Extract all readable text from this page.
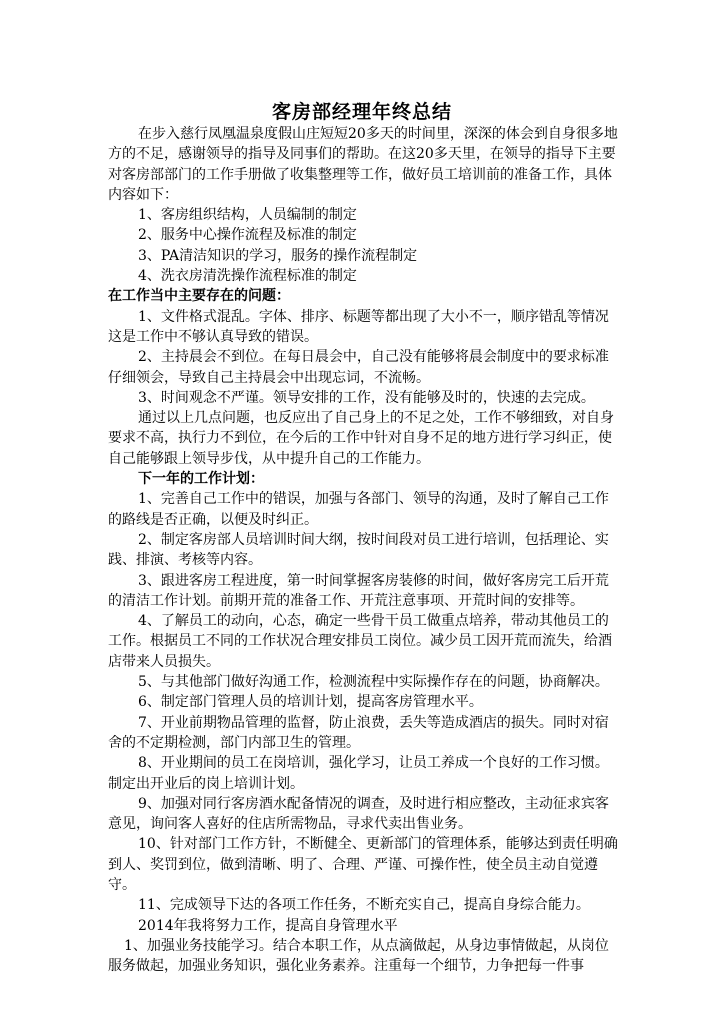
客房部经理年终总结

在步入慈行凤凰温泉度假山庄短短20多天的时间里，深深的体会到自身很多地方的不足，感谢领导的指导及同事们的帮助。在这20多天里，在领导的指导下主要对客房部部门的工作手册做了收集整理等工作，做好员工培训前的准备工作，具体内容如下：

1、客房组织结构，人员编制的制定

2、服务中心操作流程及标准的制定

3、PA清洁知识的学习，服务的操作流程制定

4、洗衣房清洗操作流程标准的制定

在工作当中主要存在的问题：

1、文件格式混乱。字体、排序、标题等都出现了大小不一，顺序错乱等情况这是工作中不够认真导致的错误。

2、主持晨会不到位。在每日晨会中，自己没有能够将晨会制度中的要求标准仔细领会，导致自己主持晨会中出现忘词，不流畅。

3、时间观念不严谨。领导安排的工作，没有能够及时的，快速的去完成。

通过以上几点问题，也反应出了自己身上的不足之处，工作不够细致，对自身要求不高，执行力不到位，在今后的工作中针对自身不足的地方进行学习纠正，使自己能够跟上领导步伐，从中提升自己的工作能力。

下一年的工作计划：

1、完善自己工作中的错误，加强与各部门、领导的沟通，及时了解自己工作的路线是否正确，以便及时纠正。

2、制定客房部人员培训时间大纲，按时间段对员工进行培训，包括理论、实践、排演、考核等内容。

3、跟进客房工程进度，第一时间掌握客房装修的时间，做好客房完工后开荒的清洁工作计划。前期开荒的准备工作、开荒注意事项、开荒时间的安排等。

4、了解员工的动向，心态，确定一些骨干员工做重点培养，带动其他员工的工作。根据员工不同的工作状况合理安排员工岗位。减少员工因开荒而流失，给酒店带来人员损失。

5、与其他部门做好沟通工作，检测流程中实际操作存在的问题，协商解决。

6、制定部门管理人员的培训计划，提高客房管理水平。

7、开业前期物品管理的监督，防止浪费，丢失等造成酒店的损失。同时对宿舍的不定期检测，部门内部卫生的管理。

8、开业期间的员工在岗培训，强化学习，让员工养成一个良好的工作习惯。制定出开业后的岗上培训计划。

9、加强对同行客房酒水配备情况的调查，及时进行相应整改，主动征求宾客意见，询问客人喜好的住店所需物品，寻求代卖出售业务。

10、针对部门工作方针，不断健全、更新部门的管理体系，能够达到责任明确到人、奖罚到位，做到清晰、明了、合理、严谨、可操作性，使全员主动自觉遵守。

11、完成领导下达的各项工作任务，不断充实自己，提高自身综合能力。

2014年我将努力工作，提高自身管理水平

1、加强业务技能学习。结合本职工作，从点滴做起，从身边事情做起，从岗位服务做起，加强业务知识，强化业务素养。注重每一个细节，力争把每一件事
